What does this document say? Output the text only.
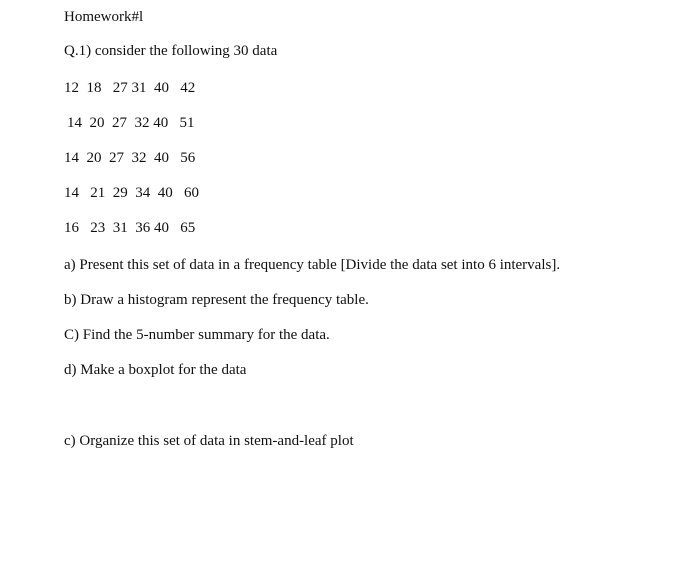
Homework#l
Q.1) consider the following 30 data
12  18   27 31  40   42
14  20  27  32 40   51
14  20  27  32  40   56
14   21  29  34  40   60
16   23  31  36 40   65
a) Present this set of data in a frequency table [Divide the data set into 6 intervals].
b) Draw a histogram represent the frequency table.
C) Find the 5-number summary for the data.
d) Make a boxplot for the data
c) Organize this set of data in stem-and-leaf plot
